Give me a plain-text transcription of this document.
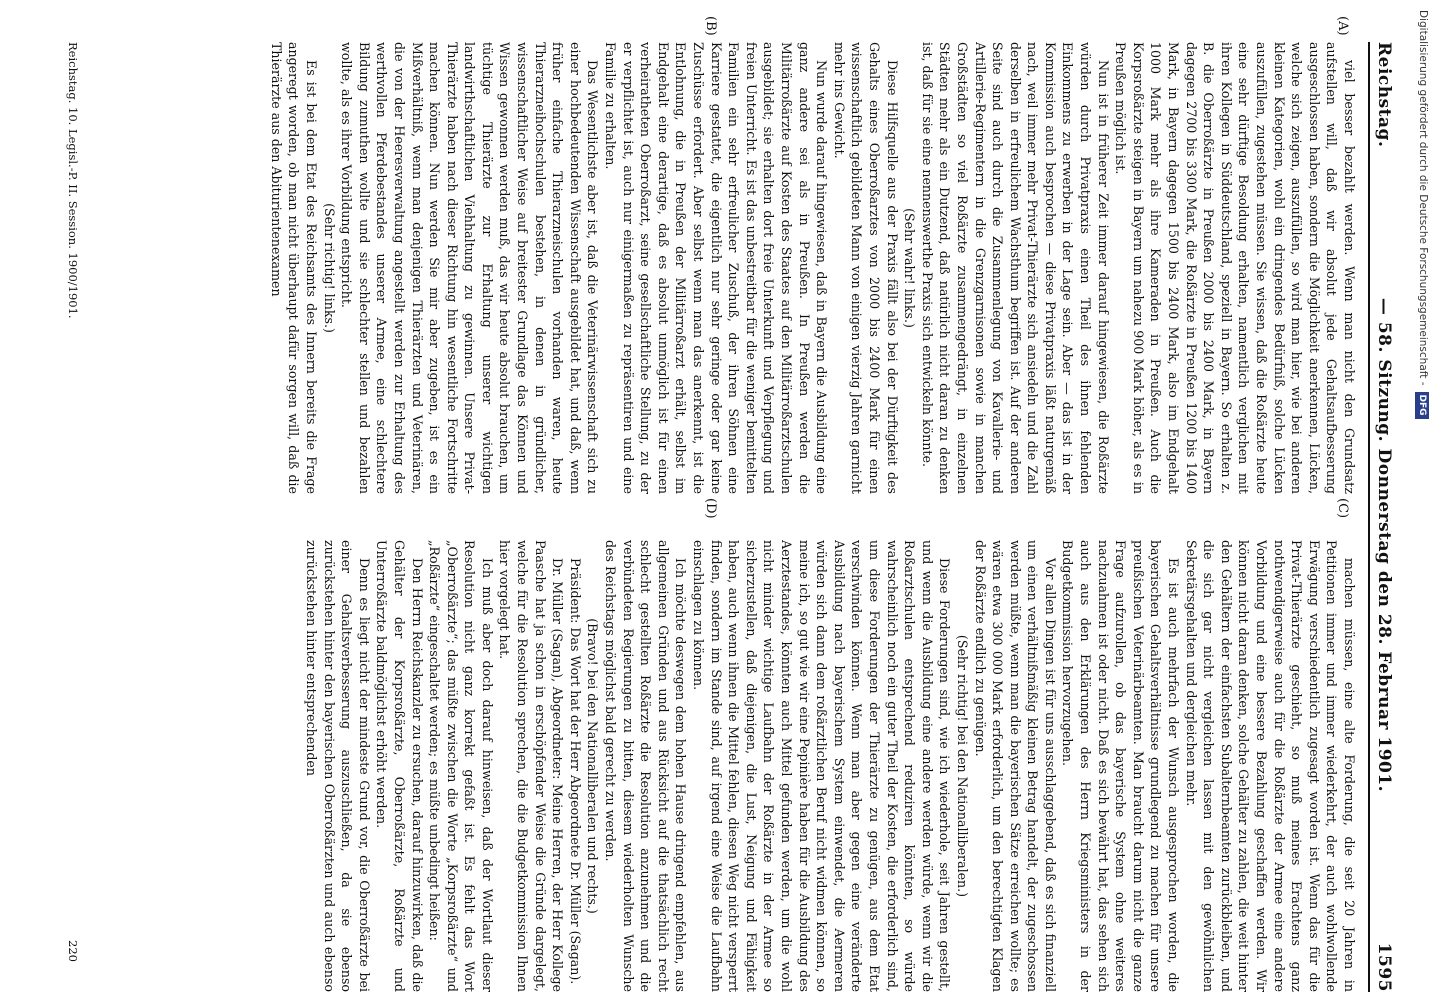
Reichstag.
— 58. Sitzung. Donnerstag den 28. Februar 1901.
1595

viel besser bezahlt werden. Wenn man nicht den Grundsatz aufstellen will, daß wir absolut jede Gehaltsaufbesserung ausgeschlossen haben, sondern die Möglichkeit anerkennen, Lücken, welche sich zeigen, auszufüllen, so wird man hier, wie bei anderen kleinen Kategorien, wohl ein dringendes Bedürfniß, solche Lücken auszufüllen, zugestehen müssen. Sie wissen, daß die Roßärzte heute eine sehr dürftige Besoldung erhalten, namentlich verglichen mit ihren Kollegen in Süddeutschland, speziell in Bayern. So erhalten z. B. die Oberroßärzte in Preußen 2000 bis 2400 Mark, in Bayern dagegen 2700 bis 3300 Mark, die Roßärzte in Preußen 1200 bis 1400 Mark, in Bayern dagegen 1500 bis 2400 Mark, also im Endgehalt 1000 Mark mehr als ihre Kameraden in Preußen. Auch die Korpsroßärzte steigen in Bayern um nahezu 900 Mark höher, als es in Preußen möglich ist.

Nun ist in früherer Zeit immer darauf hingewiesen, die Roßärzte würden durch Privatpraxis einen Theil des ihnen fehlenden Einkommens zu erwerben in der Lage sein. Aber — das ist in der Kommission auch besprochen — diese Privatpraxis läßt naturgemäß nach, weil immer mehr Privat-Thierärzte sich ansiedeln und die Zahl derselben in erfreulichem Wachsthum begriffen ist. Auf der anderen Seite sind auch durch die Zusammenlegung von Kavallerie- und Artillerie-Regimentern in die Grenzgarnisonen sowie in manchen Großstädten so viel Roßärzte zusammengedrängt, in einzelnen Städten mehr als ein Dutzend, daß natürlich nicht daran zu denken ist, daß für sie eine nennenswerthe Praxis sich entwickeln könnte.

(Sehr wahr! links.)

Diese Hilfsquelle aus der Praxis fällt also bei der Dürftigkeit des Gehalts eines Oberroßarztes von 2000 bis 2400 Mark für einen wissenschaftlich gebildeten Mann von einigen vierzig Jahren garnicht mehr ins Gewicht.

Nun wurde darauf hingewiesen, daß in Bayern die Ausbildung eine ganz andere sei als in Preußen. In Preußen werden die Militärroßärzte auf Kosten des Staates auf den Militärroßarztschulen ausgebildet; sie erhalten dort freie Unterkunft und Verpflegung und freien Unterricht. Es ist das unbestreitbar für die weniger bemittelten Familien ein sehr erfreulicher Zuschuß, der ihren Söhnen eine Karriere gestattet, die eigentlich nur sehr geringe oder gar keine Zuschüsse erfordert. Aber selbst wenn man das anerkennt, ist die Entlohnung, die in Preußen der Militärroßarzt erhält, selbst im Endgehalt eine derartige, daß es absolut unmöglich ist für einen verheiratheten Oberroßarzt, seine gesellschaftliche Stellung, zu der er verpflichtet ist, auch nur einigermaßen zu repräsentiren und eine Familie zu erhalten.

Das Wesentlichste aber ist, daß die Veterinärwissenschaft sich zu einer hochbedeutenden Wissenschaft ausgebildet hat, und daß, wenn früher einfache Thierarzneischulen vorhanden waren, heute Thierarzneihochschulen bestehen, in denen in gründlicher, wissenschaftlicher Weise auf breitester Grundlage das Können und Wissen gewonnen werden muß, das wir heute absolut brauchen, um tüchtige Thierärzte zur Erhaltung unserer wichtigen landwirthschaftlichen Viehhaltung zu gewinnen. Unsere Privat-Thierärzte haben nach dieser Richtung hin wesentliche Fortschritte machen können. Nun werden Sie mir aber zugeben, ist es ein Mißverhältniß, wenn man denjenigen Thierärzten und Veterinären, die von der Heeresverwaltung angestellt werden zur Erhaltung des werthvollen Pferdebestandes unserer Armee, eine schlechtere Bildung zumuthen wollte und sie schlechter stellen und bezahlen wollte, als es ihrer Vorbildung entspricht.

(Sehr richtig! links.)

Es ist bei dem Etat des Reichsamts des Innern bereits die Frage angeregt worden, ob man nicht überhaupt dafür sorgen will, daß die Thierärzte aus den Abiturientenexamen

machen müssen, eine alte Forderung, die seit 20 Jahren in Petitionen immer und immer wiederkehrt, der auch wohlwollende Erwägung verschiedentlich zugesagt worden ist. Wenn das für die Privat-Thierärzte geschieht, so muß meines Erachtens ganz nothwendigerweise auch für die Roßärzte der Armee eine andere Vorbildung und eine bessere Bezahlung geschaffen werden. Wir können nicht daran denken, solche Gehälter zu zahlen, die weit hinter den Gehältern der einfachsten Subalternbeamten zurückbleiben, und die sich gar nicht vergleichen lassen mit den gewöhnlichen Sekretärsgehalten und dergleichen mehr.

Es ist auch mehrfach der Wunsch ausgesprochen worden, die bayerischen Gehaltsverhältnisse grundlegend zu machen für unsere preußischen Veterinärbeamten. Man braucht darum nicht die ganze Frage aufzurollen, ob das bayerische System ohne weiteres nachzuahmen ist oder nicht. Daß es sich bewährt hat, das sehen sich auch aus den Erklärungen des Herrn Kriegsministers in der Budgetkommission hervorzugehen.

Vor allen Dingen ist für uns ausschlaggebend, daß es sich finanziell um einen verhältnißmäßig kleinen Betrag handelt, der zugeschossen werden müßte, wenn man die bayerischen Sätze erreichen wollte; es wären etwa 300 000 Mark erforderlich, um den berechtigten Klagen der Roßärzte endlich zu genügen.

(Sehr richtig! bei den Nationalliberalen.)

Diese Forderungen sind, wie ich wiederhole, seit Jahren gestellt, und wenn die Ausbildung eine andere werden würde, wenn wir die Roßarztschulen entsprechend reduziren könnten, so würde wahrscheinlich noch ein guter Theil der Kosten, die erforderlich sind, um diese Forderungen der Thierärzte zu genügen, aus dem Etat verschwinden können. Wenn man aber gegen eine veränderte Ausbildung nach bayerischem System einwendet, die Aermeren würden sich dann dem roßärztlichen Beruf nicht widmen können, so meine ich, so gut wie wir eine Pepinière haben für die Ausbildung des Aerztestandes, könnten auch Mittel gefunden werden, um die wohl nicht minder wichtige Laufbahn der Roßärzte in der Armee so sicherzustellen, daß diejenigen, die Lust, Neigung und Fähigkeit haben, auch wenn ihnen die Mittel fehlen, diesen Weg nicht versperrt finden, sondern im Stande sind, auf irgend eine Weise die Laufbahn einschlagen zu können.

Ich möchte deswegen dem hohen Hause dringend empfehlen, aus allgemeinen Gründen und aus Rücksicht auf die thatsächlich recht schlecht gestellten Roßärzte die Resolution anzunehmen und die verbündeten Regierungen zu bitten, diesem wiederholten Wunsche des Reichstags möglichst bald gerecht zu werden.

(Bravo! bei den Nationalliberalen und rechts.)

Präsident: Das Wort hat der Herr Abgeordnete Dr. Müller (Sagan).

Dr. Müller (Sagan), Abgeordneter: Meine Herren, der Herr Kollege Paasche hat ja schon in erschöpfender Weise die Gründe dargelegt, welche für die Resolution sprechen, die die Budgetkommission Ihnen hier vorgelegt hat.

Ich muß aber doch darauf hinweisen, daß der Wortlaut dieser Resolution nicht ganz korrekt gefaßt ist. Es fehlt das Wort „Oberroßärzte“; das müßte zwischen die Worte „Korpsroßärzte“ und „Roßärzte“ eingeschaltet werden; es müßte unbedingt heißen:

Den Herrn Reichskanzler zu ersuchen, darauf hinzuwirken, daß die Gehälter der Korpsroßärzte, Oberroßärzte, Roßärzte und Unterroßärzte baldmöglichst erhöht werden.

Denn es liegt nicht der mindeste Grund vor, die Oberroßärzte bei einer Gehaltsverbesserung auszuschließen, da sie ebenso zurückstehen hinter den bayerischen Oberroßärzten und auch ebenso zurückstehen hinter entsprechenden

(A)
(B)
(C)
(D)
Reichstag. 10. Legisl.-P. II. Session. 1900/1901.
220
Digitalisierung gefördert durch die Deutsche Forschungsgemeinschaft -DFG
